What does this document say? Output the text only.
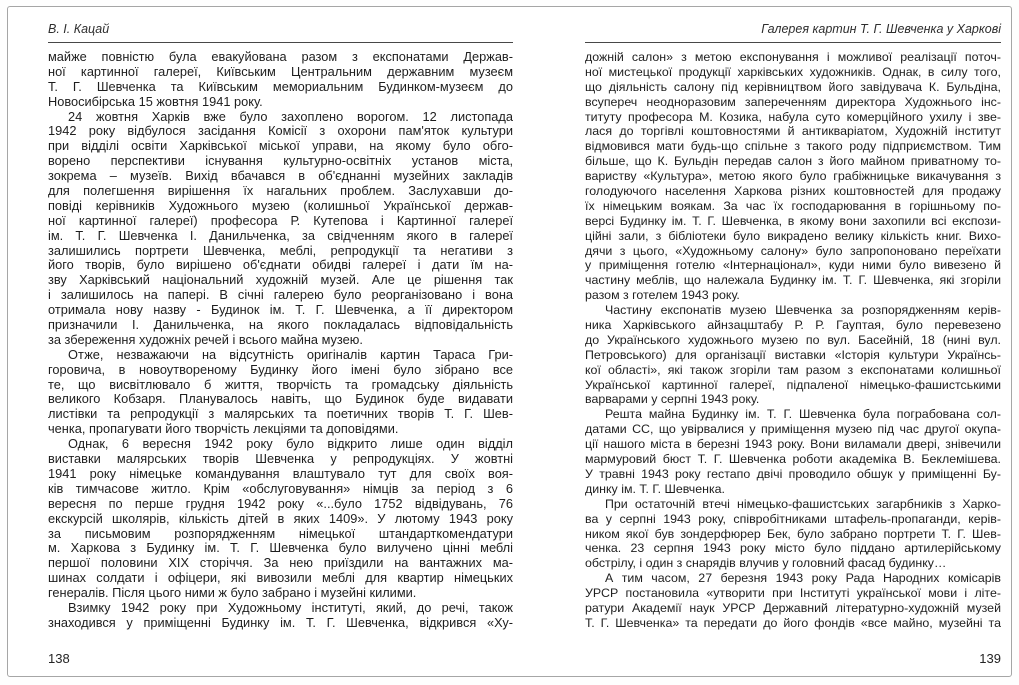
В. І. Кацай
майже повністю була евакуйована разом з експонатами Держав-
ної картинної галереї, Київським Центральним державним музеєм
Т. Г. Шевченка та Київським мемориальним Будинком-музеєм до
Новосибірська 15 жовтня 1941 року.
24 жовтня Харків вже було захоплено ворогом. 12 листопада
1942 року відбулося засідання Комісії з охорони пам'яток культури
при відділі освіти Харківської міської управи, на якому було обго-
ворено перспективи існування культурно-освітніх установ міста,
зокрема – музеїв. Вихід вбачався в об'єднанні музейних закладів
для полегшення вирішення їх нагальних проблем. Заслухавши до-
повіді керівників Художнього музею (колишньої Української держав-
ної картинної галереї) професора Р. Кутепова і Картинної галереї
ім. Т. Г. Шевченка І. Данильченка, за свідченням якого в галереї
залишились портрети Шевченка, меблі, репродукції та негативи з
його творів, було вирішено об'єднати обидві галереї і дати їм на-
зву Харківський національний художній музей. Але це рішення так
і залишилось на папері. В січні галерею було реорганізовано і вона
отримала нову назву - Будинок ім. Т. Г. Шевченка, а її директором
призначили І. Данильченка, на якого покладалась відповідальність
за збереження художніх речей і всього майна музею.
Отже, незважаючи на відсутність оригіналів картин Тараса Гри-
горовича, в новоутвореному Будинку його імені було зібрано все
те, що висвітлювало б життя, творчість та громадську діяльність
великого Кобзаря. Планувалось навіть, що Будинок буде видавати
листівки та репродукції з малярських та поетичних творів Т. Г. Шев-
ченка, пропагувати його творчість лекціями та доповідями.
Однак, 6 вересня 1942 року було відкрито лише один відділ
виставки малярських творів Шевченка у репродукціях. У жовтні
1941 року німецьке командування влаштувало тут для своїх воя-
ків тимчасове житло. Крім «обслуговування» німців за період з 6
вересня по перше грудня 1942 року «...було 1752 відвідувань, 76
екскурсій школярів, кількість дітей в яких 1409». У лютому 1943 року
за письмовим розпорядженням німецької штандарткомендатури
м. Харкова з Будинку ім. Т. Г. Шевченка було вилучено цінні меблі
першої половини XIX сторіччя. За нею приїздили на вантажних ма-
шинах солдати і офіцери, які вивозили меблі для квартир німецьких
генералів. Після цього ними ж було забрано і музейні килими.
Взимку 1942 року при Художньому інституті, який, до речі, також
знаходився у приміщенні Будинку ім. Т. Г. Шевченка, відкрився «Ху-
138
Галерея картин Т. Г. Шевченка у Харкові
дожній салон» з метою експонування і можливої реалізації поточ-
ної мистецької продукції харківських художників. Однак, в силу того,
що діяльність салону під керівництвом його завідувача К. Бульдіна,
всупереч неодноразовим запереченням директора Художнього інс-
титуту професора М. Козика, набула суто комерційного ухилу і зве-
лася до торгівлі коштовностями й антикваріатом, Художній інститут
відмовився мати будь-що спільне з такого роду підприємством. Тим
більше, що К. Бульдін передав салон з його майном приватному то-
вариству «Культура», метою якого було грабіжницьке викачування з
голодуючого населення Харкова різних коштовностей для продажу
їх німецьким воякам. За час їх господарювання в горішньому по-
версі Будинку ім. Т. Г. Шевченка, в якому вони захопили всі експози-
ційні зали, з бібліотеки було викрадено велику кількість книг. Вихо-
дячи з цього, «Художньому салону» було запропоновано переїхати
у приміщення готелю «Інтернаціонал», куди ними було вивезено й
частину меблів, що належала Будинку ім. Т. Г. Шевченка, які згоріли
разом з готелем 1943 року.
Частину експонатів музею Шевченка за розпорядженням керів-
ника Харківського айнзацштабу Р. Р. Гауптая, було перевезено
до Українського художнього музею по вул. Басейній, 18 (нині вул.
Петровського) для організації виставки «Історія культури Українсь-
кої області», які також згоріли там разом з експонатами колишньої
Української картинної галереї, підпаленої німецько-фашистськими
варварами у серпні 1943 року.
Решта майна Будинку ім. Т. Г. Шевченка була пограбована сол-
датами СС, що увірвалися у приміщення музею під час другої окупа-
ції нашого міста в березні 1943 року. Вони виламали двері, знівечили
мармуровий бюст Т. Г. Шевченка роботи академіка В. Беклемішева.
У травні 1943 року гестапо двічі проводило обшук у приміщенні Бу-
динку ім. Т. Г. Шевченка.
При остаточній втечі німецько-фашистських загарбників з Харко-
ва у серпні 1943 року, співробітниками штафель-пропаганди, керів-
ником якої був зондерфюрер Бек, було забрано портрети Т. Г. Шев-
ченка. 23 серпня 1943 року місто було піддано артилерійському
обстрілу, і один з снарядів влучив у головний фасад будинку…
А тим часом, 27 березня 1943 року Рада Народних комісарів
УРСР постановила «утворити при Інституті української мови і літе-
ратури Академії наук УРСР Державний літературно-художній музей
Т. Г. Шевченка» та передати до його фондів «все майно, музейні та
139
